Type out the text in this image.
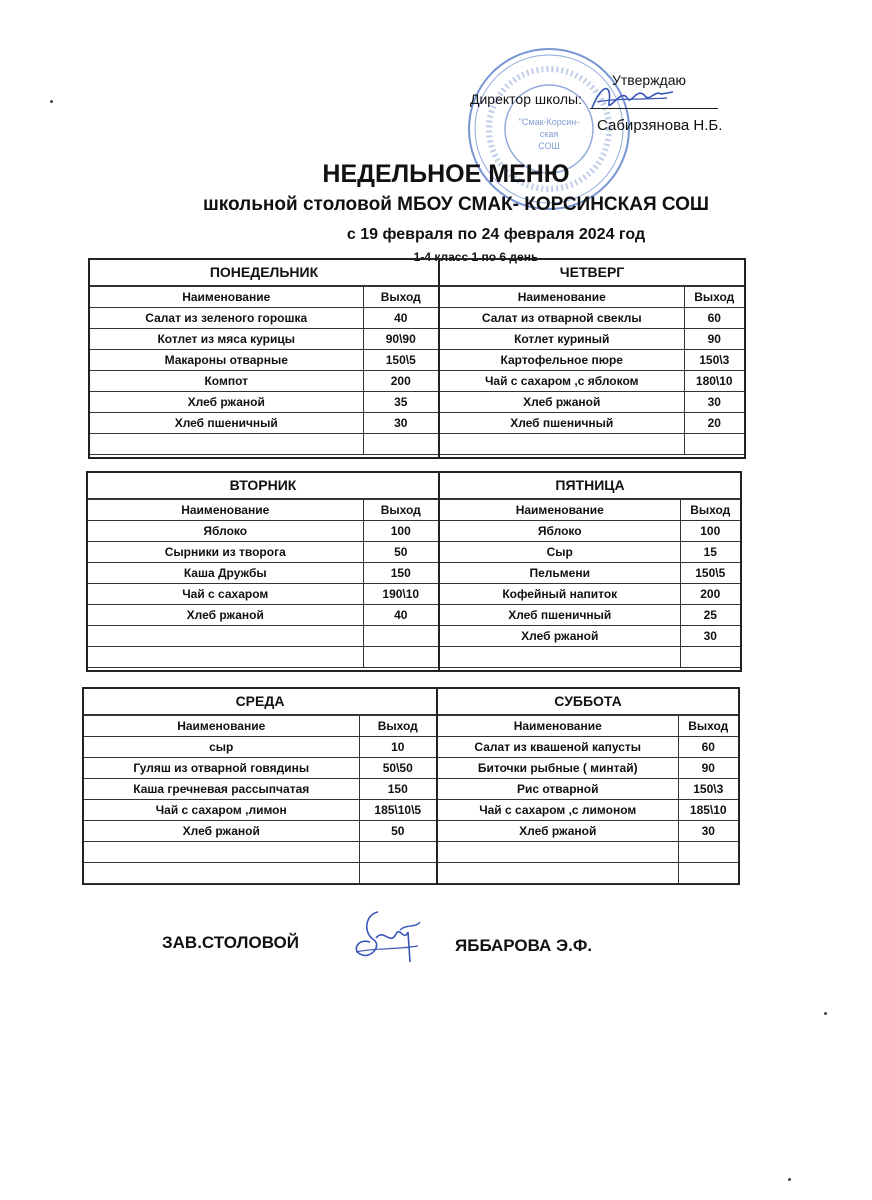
"Смак-Корсин-
ская
СОШ
Утверждаю
Директор школы:
Сабирзянова Н.Б.
НЕДЕЛЬНОЕ МЕНЮ
школьной столовой МБОУ СМАК- КОРСИНСКАЯ СОШ
с 19 февраля по 24 февраля 2024 год
1-4 класс 1 по 6 день
ПОНЕДЕЛЬНИК
Наименование	Выход
Салат из зеленого горошка	40
Котлет из мяса курицы	90\90
Макароны отварные	150\5
Компот	200
Хлеб ржаной	35
Хлеб пшеничный	30

ЧЕТВЕРГ
Наименование	Выход
Салат из отварной свеклы	60
Котлет куриный	90
Картофельное пюре	150\3
Чай с сахаром ,с яблоком	180\10
Хлеб ржаной	30
Хлеб пшеничный	20

ВТОРНИК
Наименование	Выход
Яблоко	100
Сырники из творога	50
Каша Дружбы	150
Чай с сахаром	190\10
Хлеб ржаной	40

ПЯТНИЦА
Наименование	Выход
Яблоко	100
Сыр	15
Пельмени	150\5
Кофейный напиток	200
Хлеб пшеничный	25
Хлеб ржаной	30

СРЕДА
Наименование	Выход
сыр	10
Гуляш из отварной говядины	50\50
Каша гречневая рассыпчатая	150
Чай с сахаром ,лимон	185\10\5
Хлеб ржаной	50

СУББОТА
Наименование	Выход
Салат из квашеной капусты	60
Биточки рыбные ( минтай)	90
Рис отварной	150\3
Чай с сахаром ,с лимоном	185\10
Хлеб ржаной	30

ЗАВ.СТОЛОВОЙ	ЯББАРОВА Э.Ф.
